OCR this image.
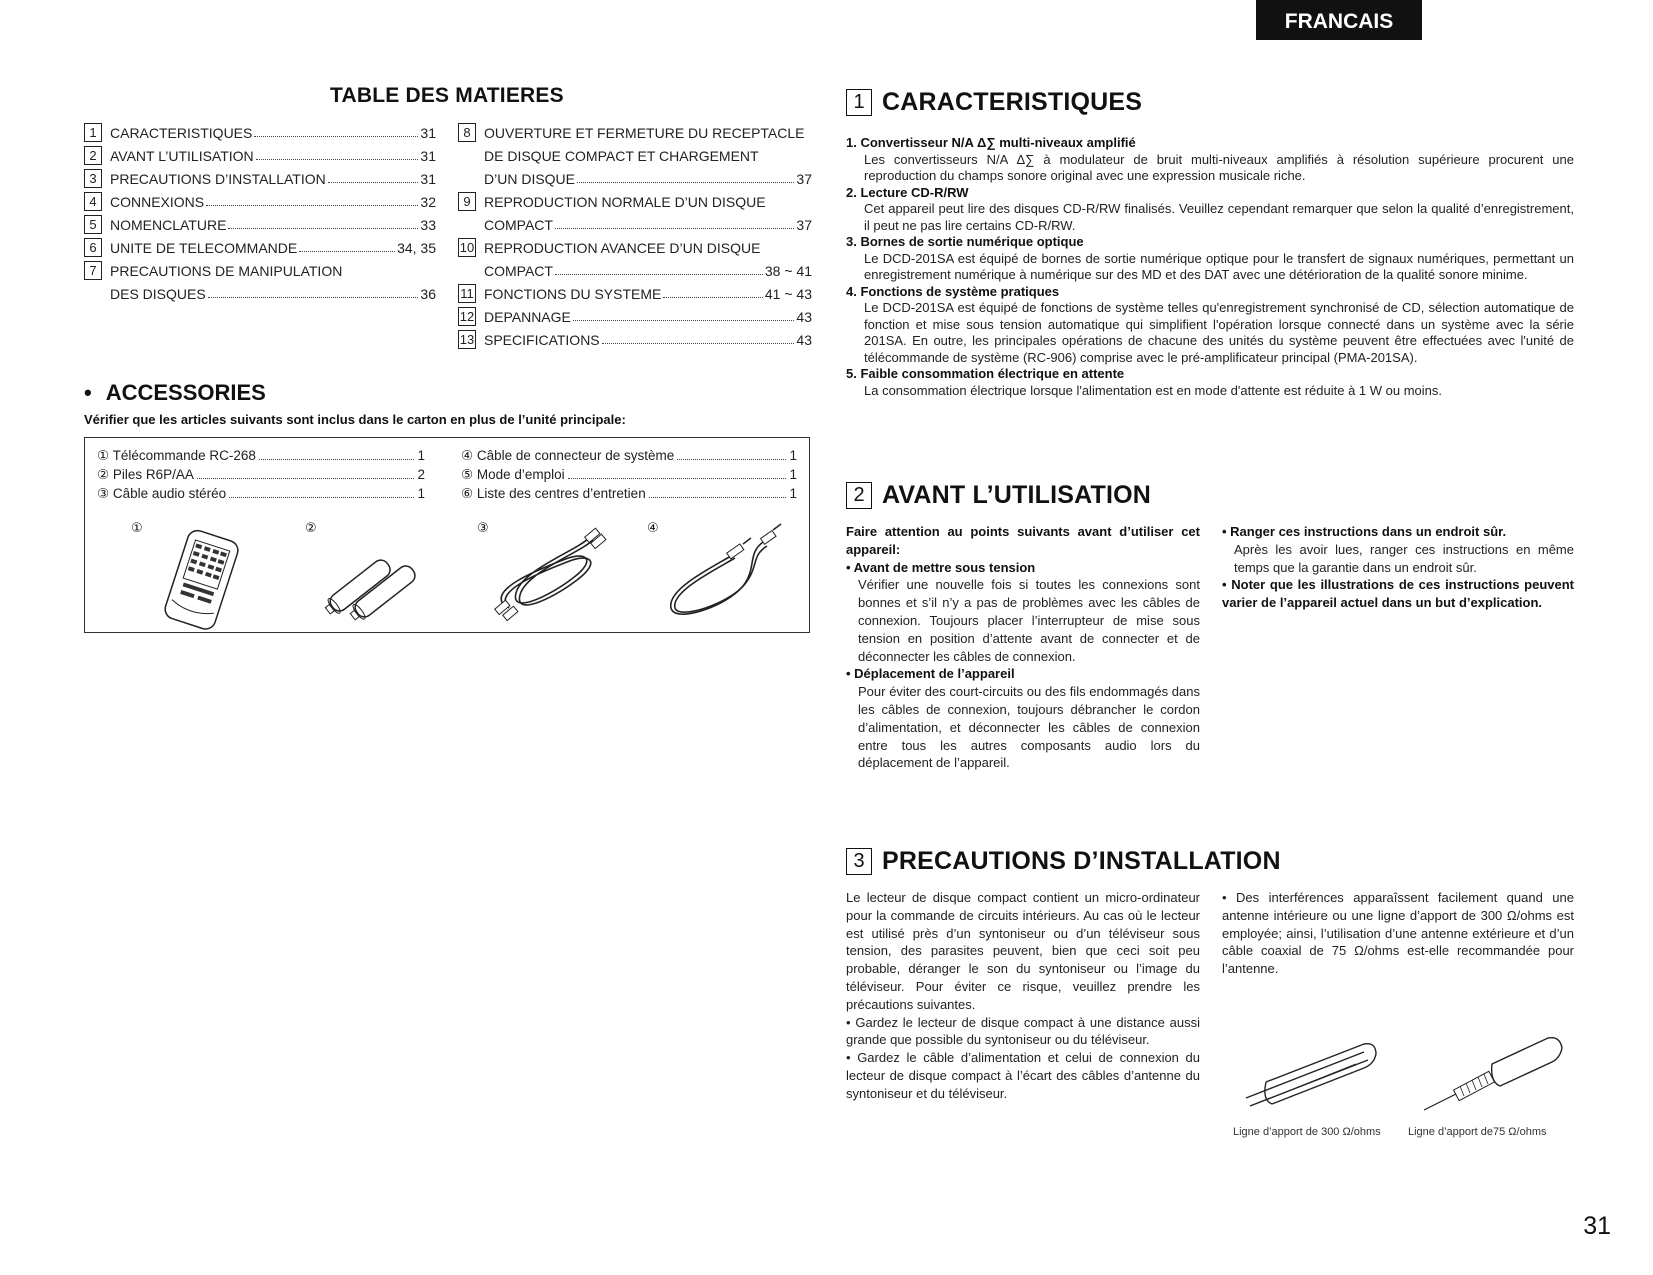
FRANCAIS
TABLE DES MATIERES
1 CARACTERISTIQUES	31
2 AVANT L’UTILISATION	31
3 PRECAUTIONS D’INSTALLATION	31
4 CONNEXIONS	32
5 NOMENCLATURE	33
6 UNITE DE TELECOMMANDE	34, 35
7 PRECAUTIONS DE MANIPULATION
DES DISQUES	36
8 OUVERTURE ET FERMETURE DU RECEPTACLE
DE DISQUE COMPACT ET CHARGEMENT
D’UN DISQUE	37
9 REPRODUCTION NORMALE D’UN DISQUE
COMPACT	37
10 REPRODUCTION AVANCEE D’UN DISQUE
COMPACT	38 ~ 41
11 FONCTIONS DU SYSTEME	41 ~ 43
12 DEPANNAGE	43
13 SPECIFICATIONS	43
• ACCESSORIES
Vérifier que les articles suivants sont inclus dans le carton en plus de l’unité principale:
① Télécommande RC-268	1
② Piles R6P/AA	2
③ Câble audio stéréo	1
④ Câble de connecteur de système	1
⑤ Mode d’emploi	1
⑥ Liste des centres d’entretien	1
①	②	③	④
1 CARACTERISTIQUES
1. Convertisseur N/A Δ∑ multi-niveaux amplifié
Les convertisseurs N/A Δ∑ à modulateur de bruit multi-niveaux amplifiés à résolution supérieure procurent une reproduction du champs sonore original avec une expression musicale riche.
2. Lecture CD-R/RW
Cet appareil peut lire des disques CD-R/RW finalisés. Veuillez cependant remarquer que selon la qualité d’enregistrement, il peut ne pas lire certains CD-R/RW.
3. Bornes de sortie numérique optique
Le DCD-201SA est équipé de bornes de sortie numérique optique pour le transfert de signaux numériques, permettant un enregistrement numérique à numérique sur des MD et des DAT avec une détérioration de la qualité sonore minime.
4. Fonctions de système pratiques
Le DCD-201SA est équipé de fonctions de système telles qu'enregistrement synchronisé de CD, sélection automatique de fonction et mise sous tension automatique qui simplifient l'opération lorsque connecté dans un système avec la série 201SA. En outre, les principales opérations de chacune des unités du système peuvent être effectuées avec l'unité de télécommande de système (RC-906) comprise avec le pré-amplificateur principal (PMA-201SA).
5. Faible consommation électrique en attente
La consommation électrique lorsque l'alimentation est en mode d'attente est réduite à 1 W ou moins.
2 AVANT L’UTILISATION
Faire attention au points suivants avant d’utiliser cet appareil:
• Avant de mettre sous tension
Vérifier une nouvelle fois si toutes les connexions sont bonnes et s’il n’y a pas de problèmes avec les câbles de connexion. Toujours placer l’interrupteur de mise sous tension en position d’attente avant de connecter et de déconnecter les câbles de connexion.
• Déplacement de l’appareil
Pour éviter des court-circuits ou des fils endommagés dans les câbles de connexion, toujours débrancher le cordon d’alimentation, et déconnecter les câbles de connexion entre tous les autres composants audio lors du déplacement de l’appareil.
• Ranger ces instructions dans un endroit sûr.
Après les avoir lues, ranger ces instructions en même temps que la garantie dans un endroit sûr.
• Noter que les illustrations de ces instructions peuvent varier de l’appareil actuel dans un but d’explication.
3 PRECAUTIONS D’INSTALLATION
Le lecteur de disque compact contient un micro-ordinateur pour la commande de circuits intérieurs. Au cas où le lecteur est utilisé près d’un syntoniseur ou d’un téléviseur sous tension, des parasites peuvent, bien que ceci soit peu probable, déranger le son du syntoniseur ou l’image du téléviseur. Pour éviter ce risque, veuillez prendre les précautions suivantes.
• Gardez le lecteur de disque compact à une distance aussi grande que possible du syntoniseur ou du téléviseur.
• Gardez le câble d’alimentation et celui de connexion du lecteur de disque compact à l’écart des câbles d’antenne du syntoniseur et du téléviseur.
• Des interférences apparaîssent facilement quand une antenne intérieure ou une ligne d’apport de 300 Ω/ohms est employée; ainsi, l’utilisation d’une antenne extérieure et d’un câble coaxial de 75 Ω/ohms est-elle recommandée pour l’antenne.
Ligne d’apport de 300 Ω/ohms Ligne d’apport de75 Ω/ohms
31
